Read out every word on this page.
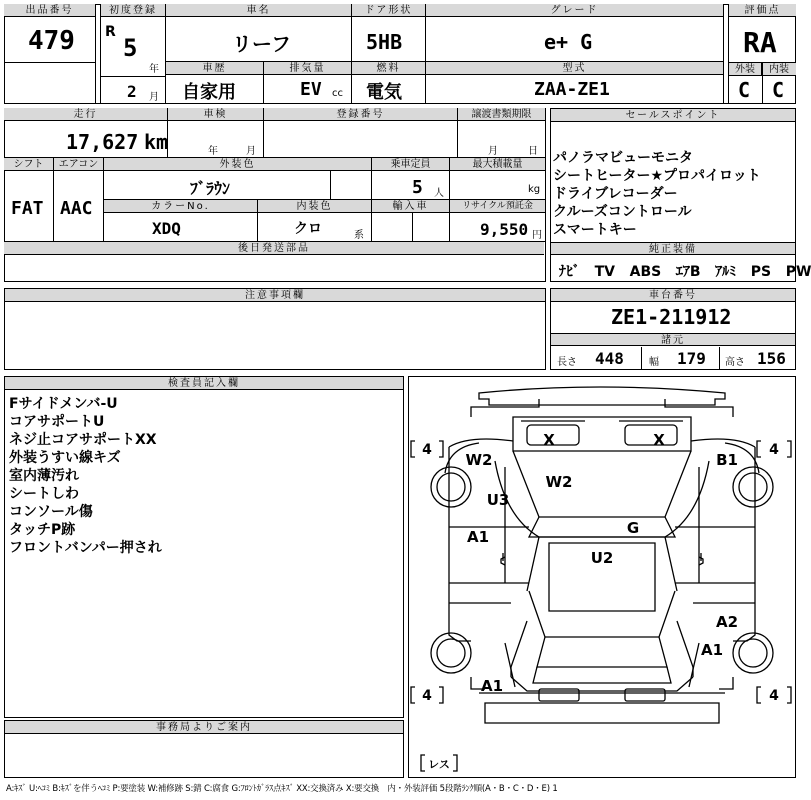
出品番号
479
初度登録
R
5
年
2 月
車名
リーフ
ドア形状
5HB
グレード
e+ G
評価点
RA
外装	内装
C C
車歴
自家用
排気量
EV cc
燃料
電気
型式
ZAA-ZE1
走行
17,627 km
車検
年	月
登録番号	譲渡書類期限
月	日
シフト
FAT
エアコン
AAC
外装色
ﾌﾞﾗｳﾝ
乗車定員
5 人
最大積載量
kg
カラーNo.
XDQ
内装色
クロ	系
輸入車	リサイクル預託金
9,550 円
後日発送部品
セールスポイント
パノラマビューモニタ
シートヒーター★プロパイロット
ドライブレコーダー
クルーズコントロール
スマートキー
純正装備
ﾅﾋﾞ TV ABS ｴｱB ｱﾙﾐ PS PW
注意事項欄	車台番号
ZE1-211912
諸元
長さ 448	幅 179 高さ 156
検査員記入欄
Fサイドメンバ-U
コアサポートU
ネジ止コアサポートXX
外装うすい線キズ
室内薄汚れ
シートしわ
コンソール傷
タッチP跡
フロントバンパー押され
事務局よりご案内
4	4
4	4
レス
X	X
W2	B1
W2
U3
G
A1
U2
A2
A1
A1
A:ｷｽﾞ U:ﾍｺﾐ B:ｷｽﾞを伴うﾍｺﾐ P:要塗装 W:補修跡 S:錆 C:腐食 G:ﾌﾛﾝﾄｶﾞﾗｽ点ｷｽﾞ XX:交換済み X:要交換　内・外装評価 5段階ﾗﾝｸ順(A・B・C・D・E) 1
